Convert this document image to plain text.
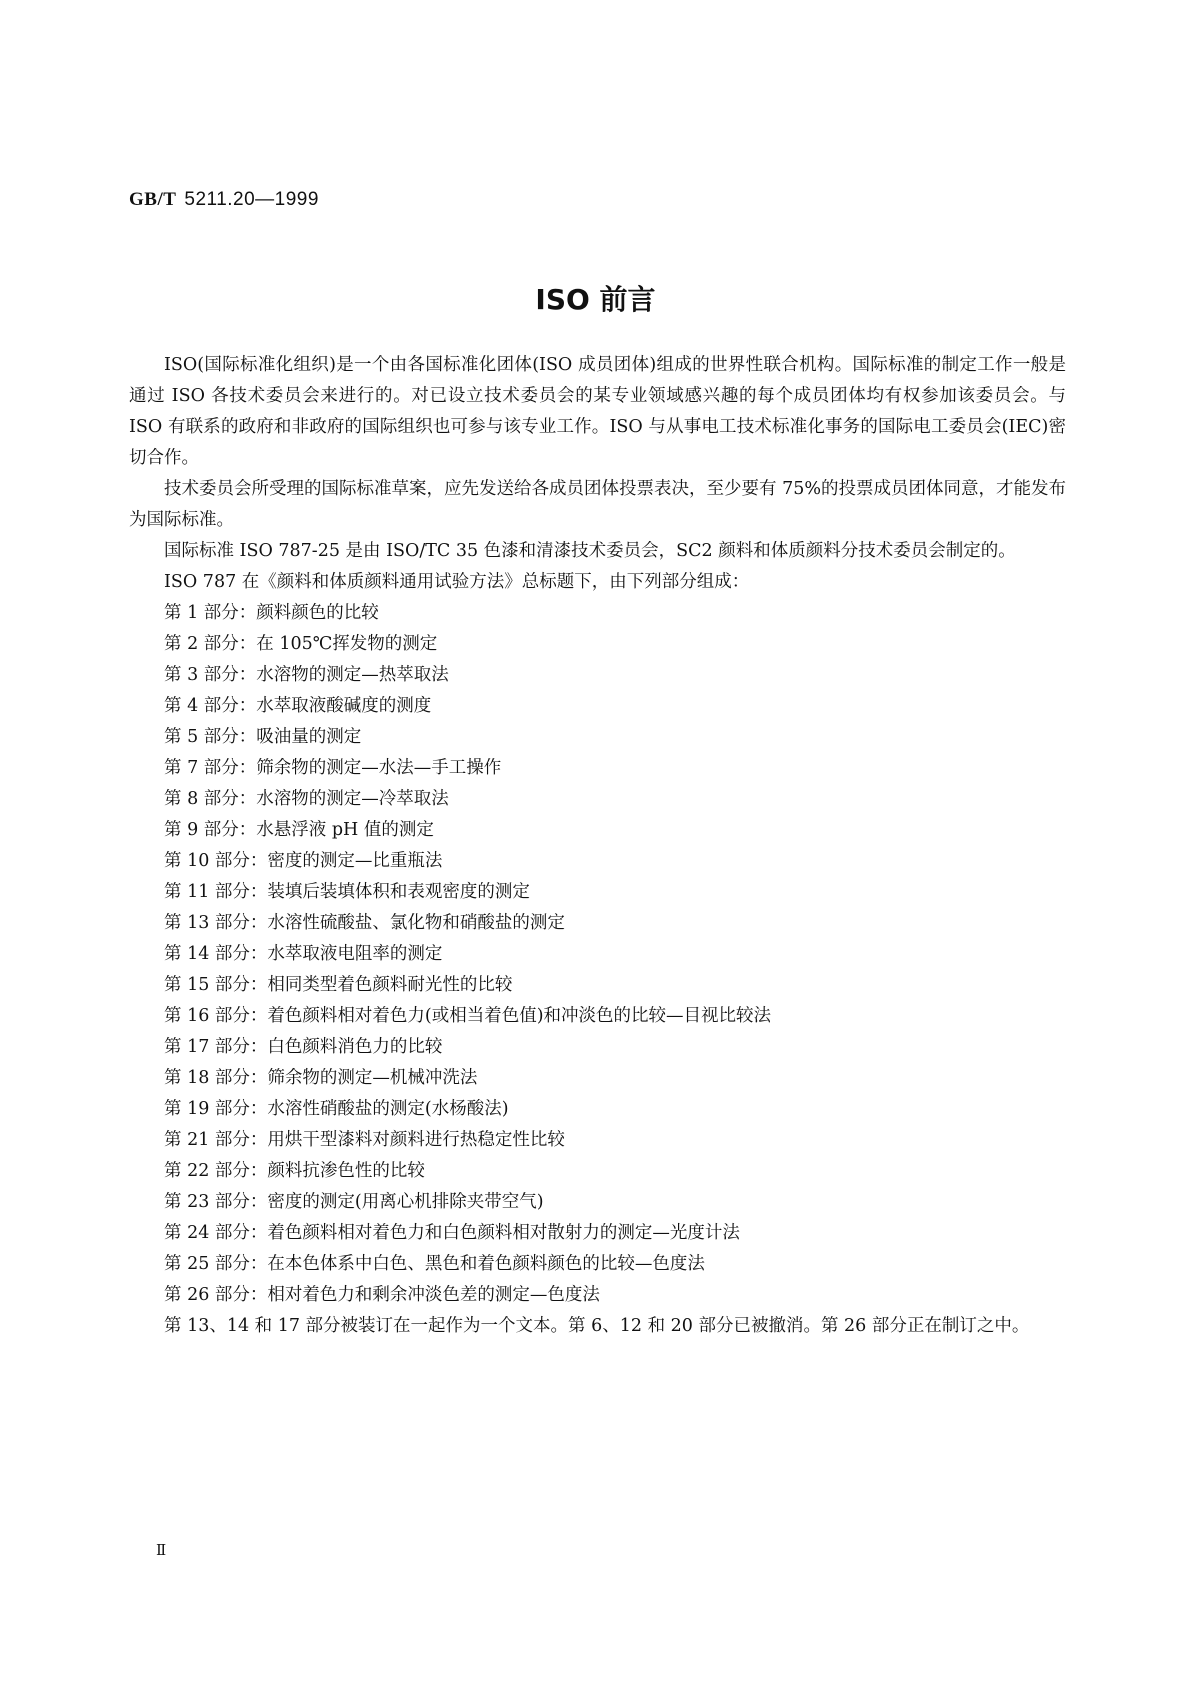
GB/T 5211.20—1999
ISO 前言

ISO(国际标准化组织)是一个由各国标准化团体(ISO 成员团体)组成的世界性联合机构。国际标准的制定工作一般是通过 ISO 各技术委员会来进行的。对已设立技术委员会的某专业领域感兴趣的每个成员团体均有权参加该委员会。与 ISO 有联系的政府和非政府的国际组织也可参与该专业工作。ISO 与从事电工技术标准化事务的国际电工委员会(IEC)密切合作。

技术委员会所受理的国际标准草案，应先发送给各成员团体投票表决，至少要有 75%的投票成员团体同意，才能发布为国际标准。

国际标准 ISO 787-25 是由 ISO/TC 35 色漆和清漆技术委员会，SC2 颜料和体质颜料分技术委员会制定的。

ISO 787 在《颜料和体质颜料通用试验方法》总标题下，由下列部分组成：

第 1 部分：颜料颜色的比较
第 2 部分：在 105℃挥发物的测定
第 3 部分：水溶物的测定—热萃取法
第 4 部分：水萃取液酸碱度的测度
第 5 部分：吸油量的测定
第 7 部分：筛余物的测定—水法—手工操作
第 8 部分：水溶物的测定—冷萃取法
第 9 部分：水悬浮液 pH 值的测定
第 10 部分：密度的测定—比重瓶法
第 11 部分：装填后装填体积和表观密度的测定
第 13 部分：水溶性硫酸盐、氯化物和硝酸盐的测定
第 14 部分：水萃取液电阻率的测定
第 15 部分：相同类型着色颜料耐光性的比较
第 16 部分：着色颜料相对着色力(或相当着色值)和冲淡色的比较—目视比较法
第 17 部分：白色颜料消色力的比较
第 18 部分：筛余物的测定—机械冲洗法
第 19 部分：水溶性硝酸盐的测定(水杨酸法)
第 21 部分：用烘干型漆料对颜料进行热稳定性比较
第 22 部分：颜料抗渗色性的比较
第 23 部分：密度的测定(用离心机排除夹带空气)
第 24 部分：着色颜料相对着色力和白色颜料相对散射力的测定—光度计法
第 25 部分：在本色体系中白色、黑色和着色颜料颜色的比较—色度法
第 26 部分：相对着色力和剩余冲淡色差的测定—色度法

第 13、14 和 17 部分被装订在一起作为一个文本。第 6、12 和 20 部分已被撤消。第 26 部分正在制订之中。

Ⅱ
